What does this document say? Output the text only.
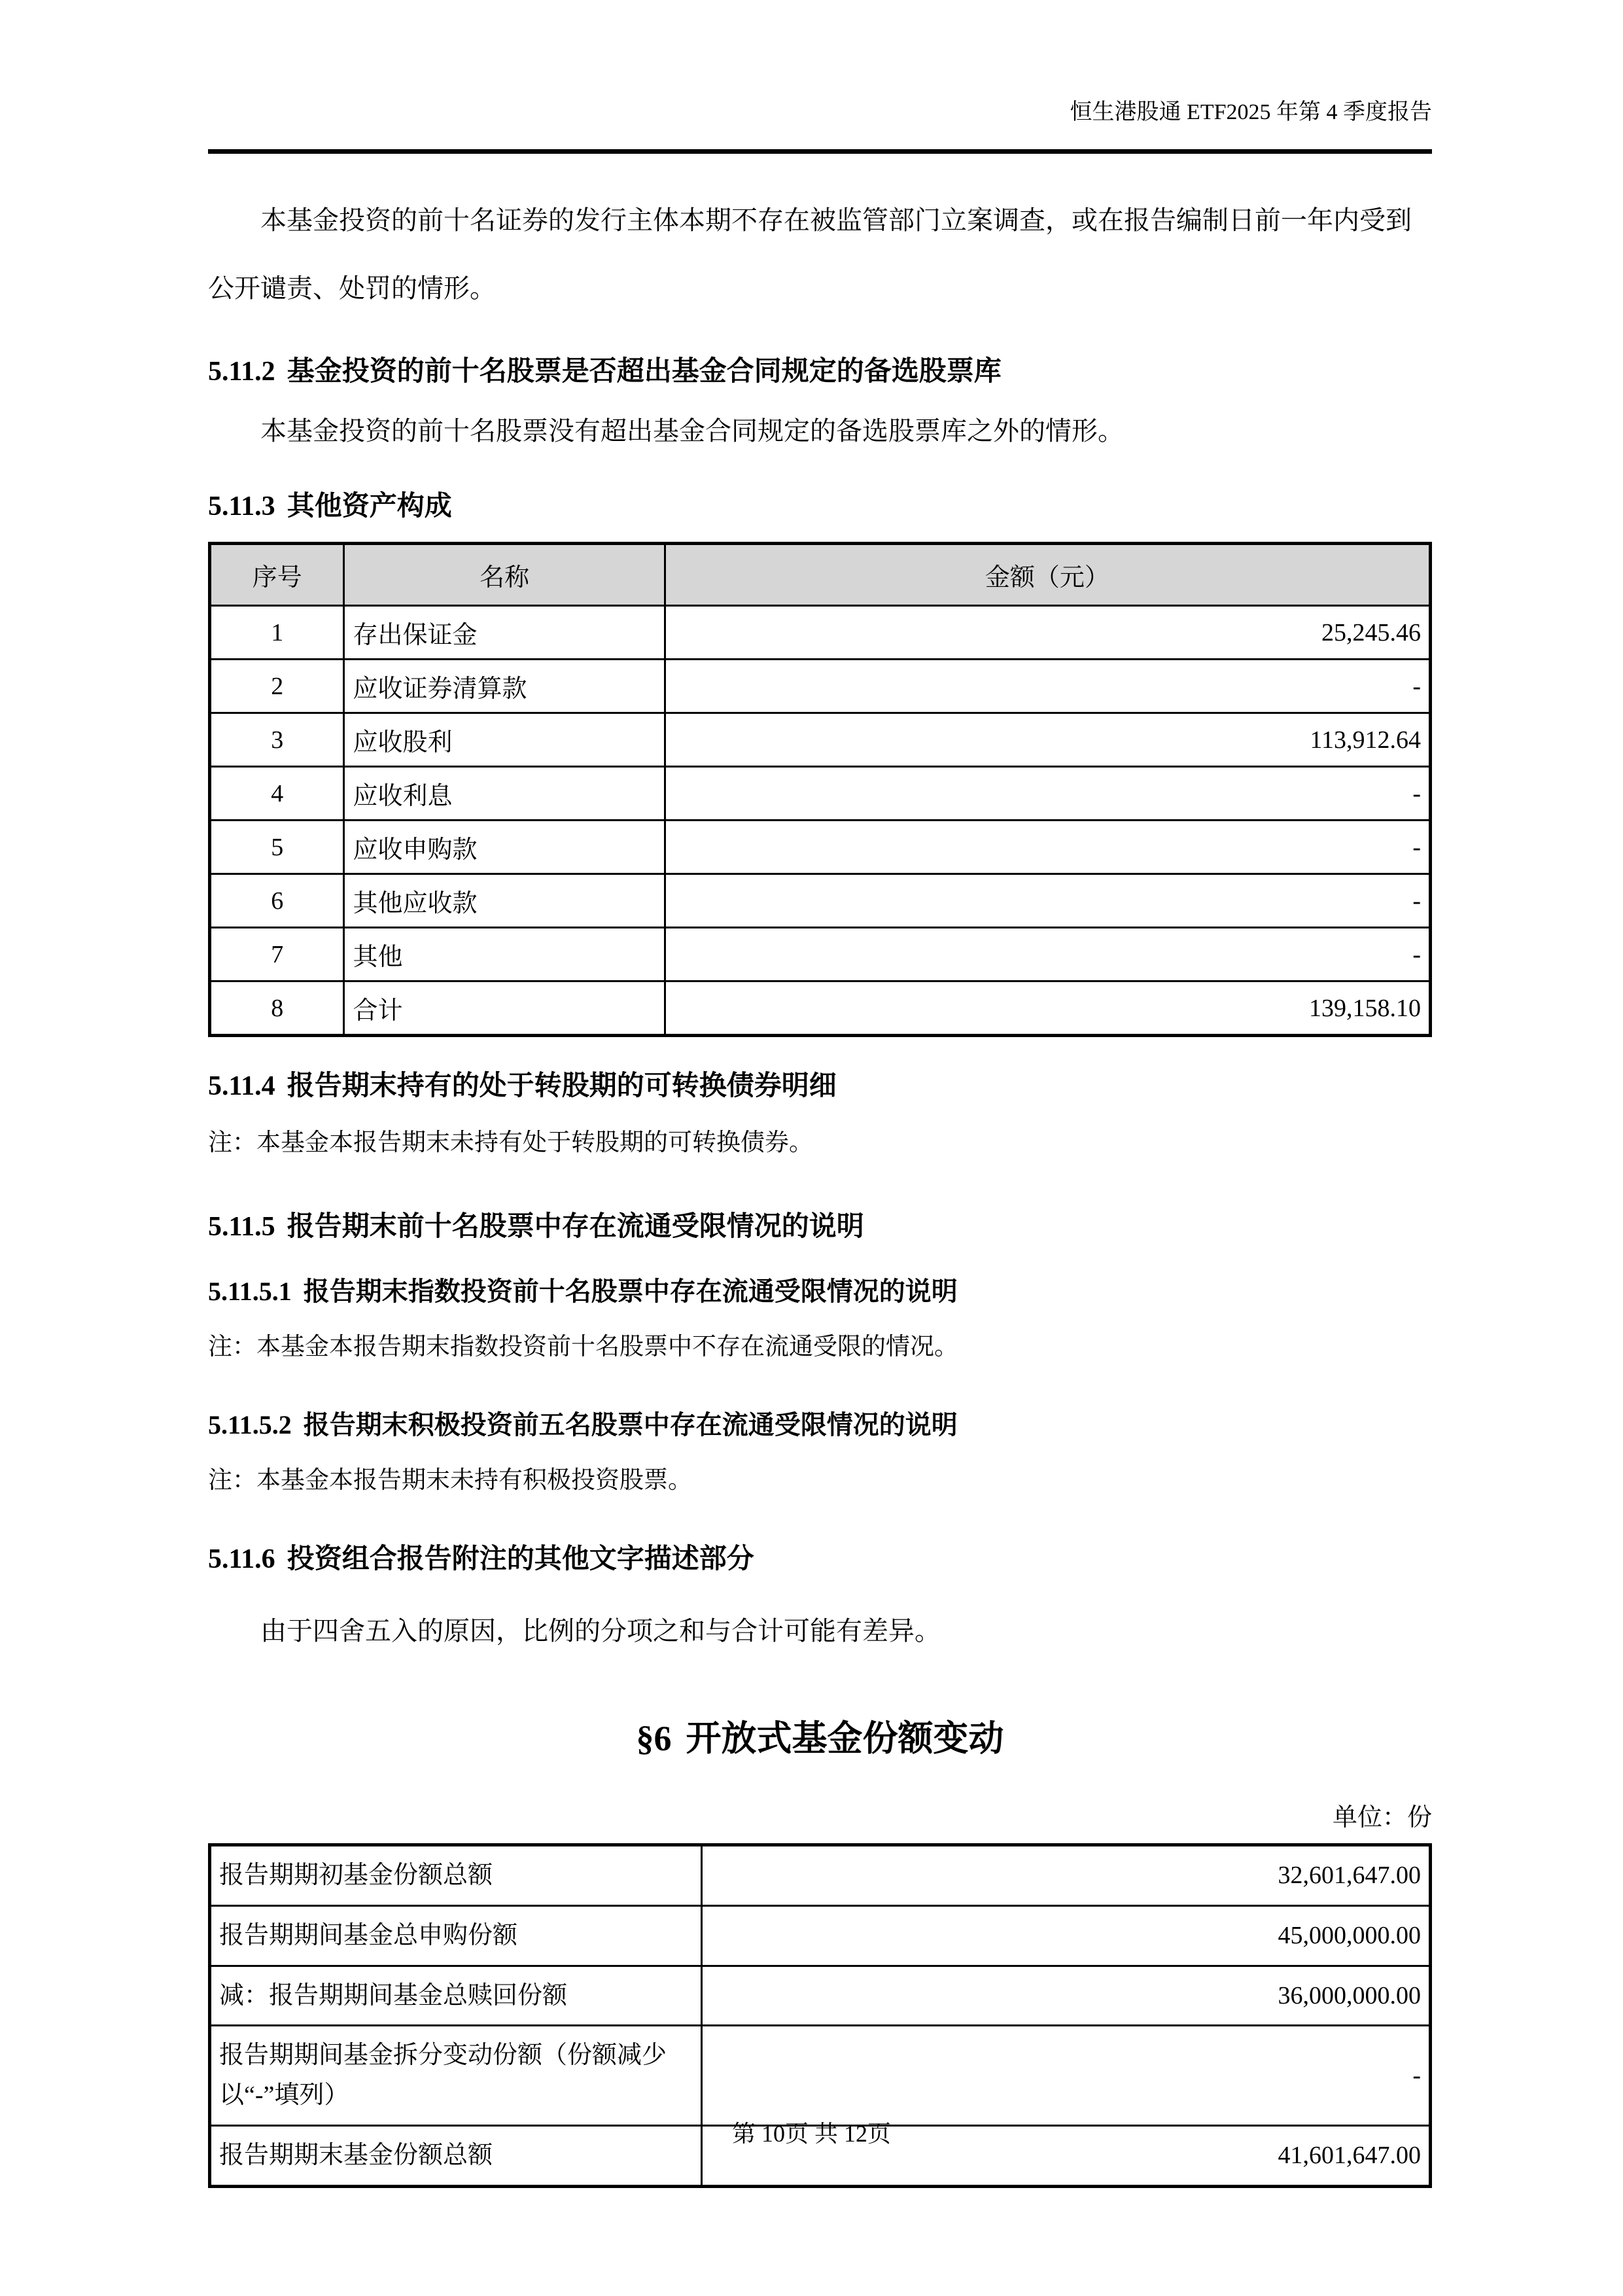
恒生港股通 ETF2025 年第 4 季度报告

本基金投资的前十名证券的发行主体本期不存在被监管部门立案调查，或在报告编制日前一年内受到公开谴责、处罚的情形。

5.11.2 基金投资的前十名股票是否超出基金合同规定的备选股票库

本基金投资的前十名股票没有超出基金合同规定的备选股票库之外的情形。

5.11.3 其他资产构成
序号	名称	金额（元）
1	存出保证金	25,245.46
2	应收证券清算款	-
3	应收股利	113,912.64
4	应收利息	-
5	应收申购款	-
6	其他应收款	-
7	其他	-
8	合计	139,158.10
5.11.4 报告期末持有的处于转股期的可转换债券明细

注：本基金本报告期末未持有处于转股期的可转换债券。

5.11.5 报告期末前十名股票中存在流通受限情况的说明
5.11.5.1 报告期末指数投资前十名股票中存在流通受限情况的说明

注：本基金本报告期末指数投资前十名股票中不存在流通受限的情况。

5.11.5.2 报告期末积极投资前五名股票中存在流通受限情况的说明

注：本基金本报告期末未持有积极投资股票。

5.11.6 投资组合报告附注的其他文字描述部分

由于四舍五入的原因，比例的分项之和与合计可能有差异。

§6 开放式基金份额变动
单位：份
报告期期初基金份额总额	32,601,647.00
报告期期间基金总申购份额	45,000,000.00
减：报告期期间基金总赎回份额	36,000,000.00
报告期期间基金拆分变动份额（份额减少以“-”填列）	-
报告期期末基金份额总额	41,601,647.00
第 10页 共 12页
